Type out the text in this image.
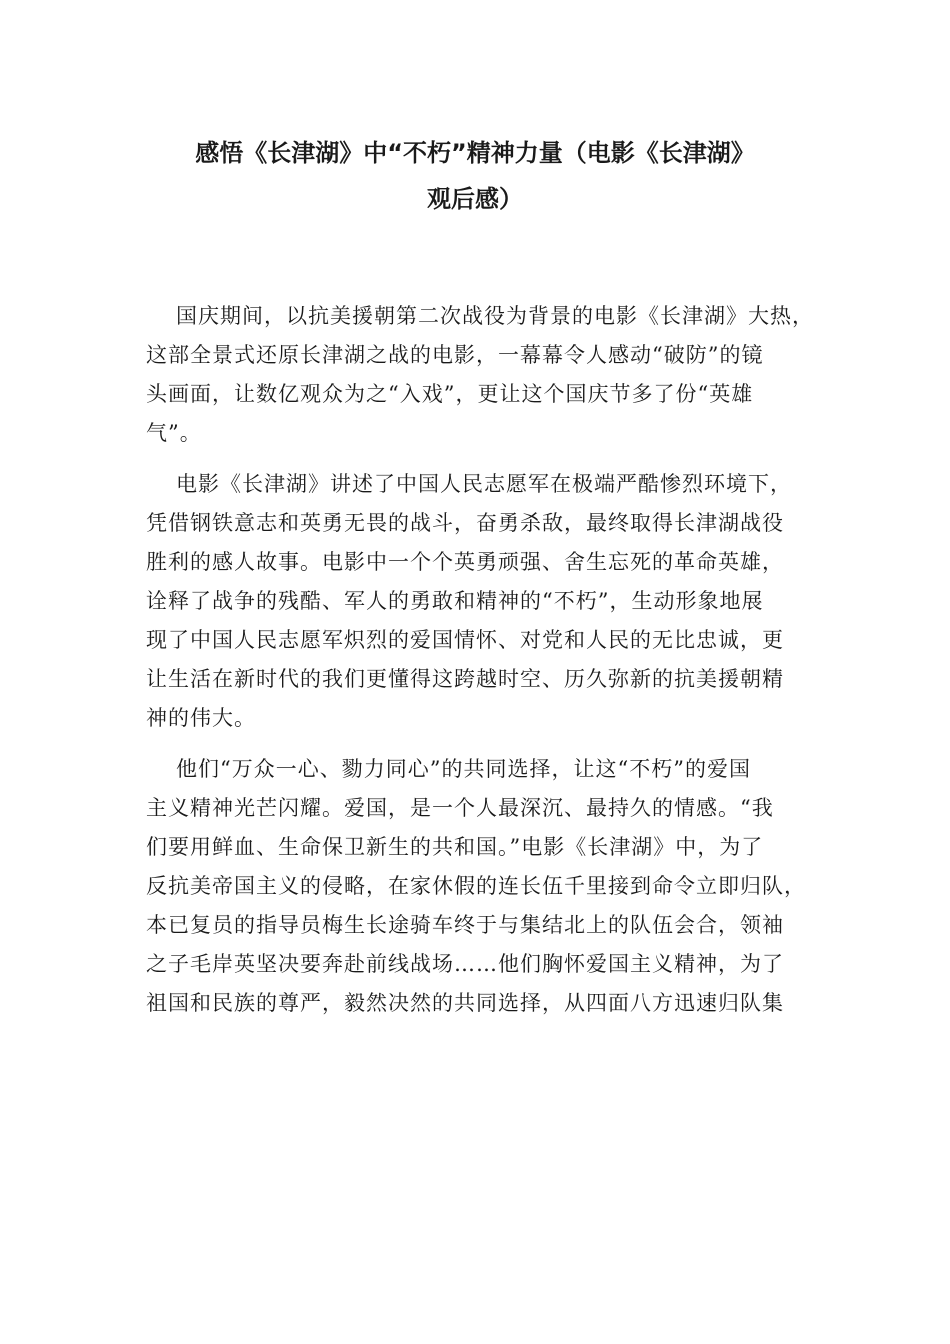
感悟《长津湖》中“不朽”精神力量（电影《长津湖》
观后感）
国庆期间，以抗美援朝第二次战役为背景的电影《长津湖》大热，
这部全景式还原长津湖之战的电影，一幕幕令人感动“破防”的镜
头画面，让数亿观众为之“入戏”，更让这个国庆节多了份“英雄
气”。
电影《长津湖》讲述了中国人民志愿军在极端严酷惨烈环境下，
凭借钢铁意志和英勇无畏的战斗，奋勇杀敌，最终取得长津湖战役
胜利的感人故事。电影中一个个英勇顽强、舍生忘死的革命英雄，
诠释了战争的残酷、军人的勇敢和精神的“不朽”，生动形象地展
现了中国人民志愿军炽烈的爱国情怀、对党和人民的无比忠诚，更
让生活在新时代的我们更懂得这跨越时空、历久弥新的抗美援朝精
神的伟大。
他们“万众一心、勠力同心”的共同选择，让这“不朽”的爱国
主义精神光芒闪耀。爱国，是一个人最深沉、最持久的情感。“我
们要用鲜血、生命保卫新生的共和国。”电影《长津湖》中，为了
反抗美帝国主义的侵略，在家休假的连长伍千里接到命令立即归队，
本已复员的指导员梅生长途骑车终于与集结北上的队伍会合，领袖
之子毛岸英坚决要奔赴前线战场……他们胸怀爱国主义精神，为了
祖国和民族的尊严，毅然决然的共同选择，从四面八方迅速归队集
